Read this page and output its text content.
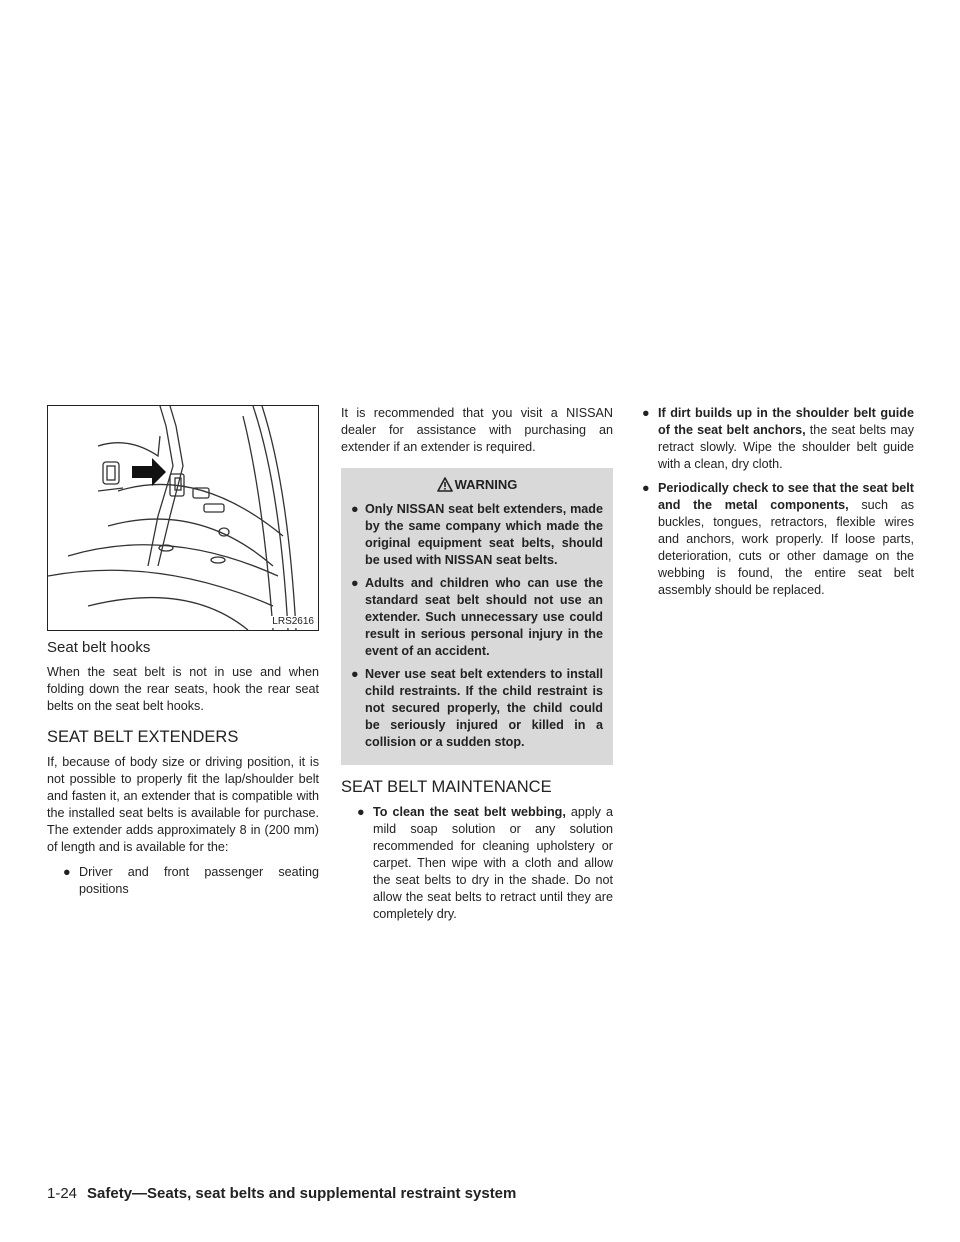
LRS2616
Seat belt hooks

When the seat belt is not in use and when folding down the rear seats, hook the rear seat belts on the seat belt hooks.

SEAT BELT EXTENDERS

If, because of body size or driving position, it is not possible to properly fit the lap/shoulder belt and fasten it, an extender that is compatible with the installed seat belts is available for purchase. The extender adds approximately 8 in (200 mm) of length and is available for the:

● Driver and front passenger seating positions

It is recommended that you visit a NISSAN dealer for assistance with purchasing an extender if an extender is required.

WARNING
● Only NISSAN seat belt extenders, made by the same company which made the original equipment seat belts, should be used with NISSAN seat belts.
● Adults and children who can use the standard seat belt should not use an extender. Such unnecessary use could result in serious personal injury in the event of an accident.
● Never use seat belt extenders to install child restraints. If the child restraint is not secured properly, the child could be seriously injured or killed in a collision or a sudden stop.
SEAT BELT MAINTENANCE
● To clean the seat belt webbing, apply a mild soap solution or any solution recommended for cleaning upholstery or carpet. Then wipe with a cloth and allow the seat belts to dry in the shade. Do not allow the seat belts to retract until they are completely dry.
● If dirt builds up in the shoulder belt guide of the seat belt anchors, the seat belts may retract slowly. Wipe the shoulder belt guide with a clean, dry cloth.
● Periodically check to see that the seat belt and the metal components, such as buckles, tongues, retractors, flexible wires and anchors, work properly. If loose parts, deterioration, cuts or other damage on the webbing is found, the entire seat belt assembly should be replaced.
1-24 Safety—Seats, seat belts and supplemental restraint system
